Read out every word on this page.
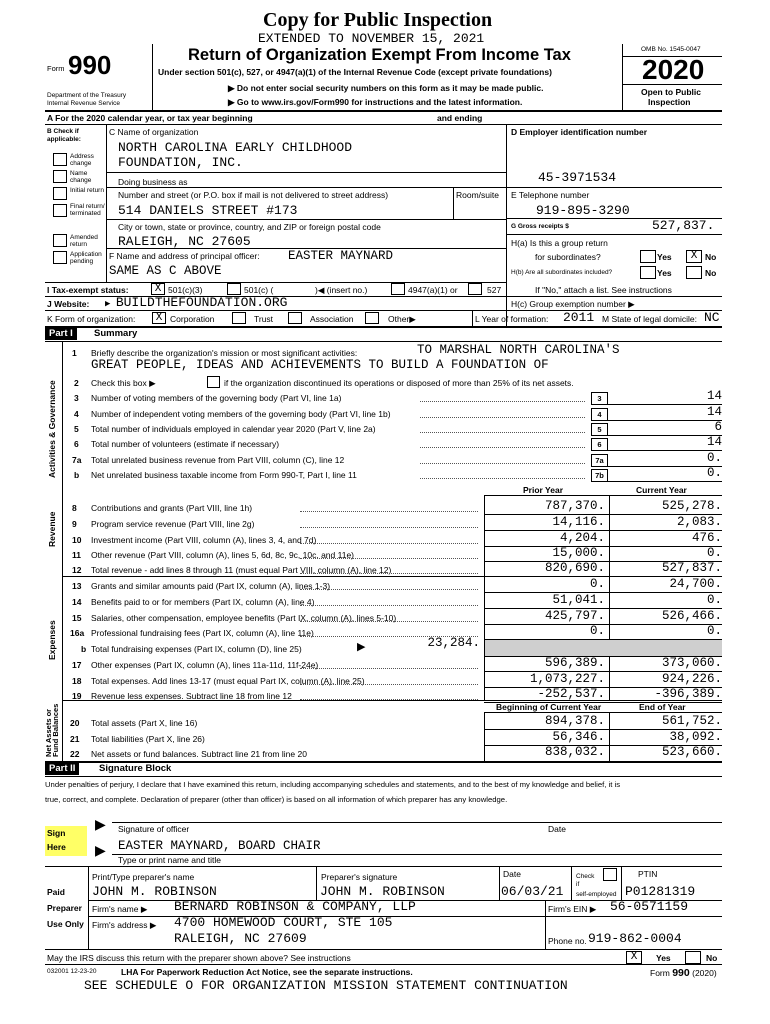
Copy for Public Inspection
EXTENDED TO NOVEMBER 15, 2021
Form 990
Department of the Treasury
Internal Revenue Service
Return of Organization Exempt From Income Tax
Under section 501(c), 527, or 4947(a)(1) of the Internal Revenue Code (except private foundations)
▶ Do not enter social security numbers on this form as it may be made public.
▶ Go to www.irs.gov/Form990 for instructions and the latest information.
OMB No. 1545-0047
2020
Open to Public
Inspection
A For the 2020 calendar year, or tax year beginning	and ending
B Check if applicable:
Address change
Name change
Initial return
Final return/ terminated
Amended return
Application pending
C Name of organization
NORTH CAROLINA EARLY CHILDHOOD
FOUNDATION, INC.
Doing business as
Number and street (or P.O. box if mail is not delivered to street address)	Room/suite
514 DANIELS STREET #173
City or town, state or province, country, and ZIP or foreign postal code
RALEIGH, NC 27605
F Name and address of principal officer: EASTER MAYNARD
SAME AS C ABOVE
D Employer identification number
45-3971534
E Telephone number
919-895-3290
G Gross receipts $	527,837.
H(a) Is this a group return
for subordinates?	Yes	X No
H(b) Are all subordinates included?	Yes	No
If "No," attach a list. See instructions
I Tax-exempt status:	X 501(c)(3)	501(c) (	)◀ (insert no.)	4947(a)(1) or	527
J Website: ▶ BUILDTHEFOUNDATION.ORG	H(c) Group exemption number ▶
K Form of organization:	X Corporation	Trust	Association	Other▶	L Year of formation: 2011 M State of legal domicile: NC
Part I	Summary
Activities & Governance
Revenue
Expenses
Net Assets or Fund Balances
1 Briefly describe the organization's mission or most significant activities:	TO MARSHAL NORTH CAROLINA'S
GREAT PEOPLE, IDEAS AND ACHIEVEMENTS TO BUILD A FOUNDATION OF
2 Check this box ▶	if the organization discontinued its operations or disposed of more than 25% of its net assets.
3 Number of voting members of the governing body (Part VI, line 1a)	3	14
4 Number of independent voting members of the governing body (Part VI, line 1b)	4	14
5 Total number of individuals employed in calendar year 2020 (Part V, line 2a)	5	6
6 Total number of volunteers (estimate if necessary)	6	14
7a Total unrelated business revenue from Part VIII, column (C), line 12	7a	0.
b Net unrelated business taxable income from Form 990-T, Part I, line 11	7b	0.
Prior Year	Current Year
8 Contributions and grants (Part VIII, line 1h)	787,370.	525,278.
9 Program service revenue (Part VIII, line 2g)	14,116.	2,083.
10 Investment income (Part VIII, column (A), lines 3, 4, and 7d)	4,204.	476.
11 Other revenue (Part VIII, column (A), lines 5, 6d, 8c, 9c, 10c, and 11e)	15,000.	0.
12 Total revenue - add lines 8 through 11 (must equal Part VIII, column (A), line 12)	820,690.	527,837.
13 Grants and similar amounts paid (Part IX, column (A), lines 1-3)	0.	24,700.
14 Benefits paid to or for members (Part IX, column (A), line 4)	51,041.	0.
15 Salaries, other compensation, employee benefits (Part IX, column (A), lines 5-10)	425,797.	526,466.
16a Professional fundraising fees (Part IX, column (A), line 11e)	0.	0.
b Total fundraising expenses (Part IX, column (D), line 25)	▶	23,284.
17 Other expenses (Part IX, column (A), lines 11a-11d, 11f-24e)	596,389.	373,060.
18 Total expenses. Add lines 13-17 (must equal Part IX, column (A), line 25)	1,073,227.	924,226.
19 Revenue less expenses. Subtract line 18 from line 12	-252,537.	-396,389.
Beginning of Current Year	End of Year
20 Total assets (Part X, line 16)	894,378.	561,752.
21 Total liabilities (Part X, line 26)	56,346.	38,092.
22 Net assets or fund balances. Subtract line 21 from line 20	838,032.	523,660.
Part II	Signature Block
Under penalties of perjury, I declare that I have examined this return, including accompanying schedules and statements, and to the best of my knowledge and belief, it is
true, correct, and complete. Declaration of preparer (other than officer) is based on all information of which preparer has any knowledge.
Sign
Here
▶
▶
Signature of officer	Date
EASTER MAYNARD, BOARD CHAIR
Type or print name and title
Print/Type preparer's name	Preparer's signature	Date	Check
if
self-employed
PTIN
JOHN M. ROBINSON	JOHN M. ROBINSON	06/03/21	P01281319
Paid
Preparer
Use Only
Firm's name ▶ BERNARD ROBINSON & COMPANY, LLP	Firm's EIN ▶ 56-0571159
Firm's address ▶ 4700 HOMEWOOD COURT, STE 105
RALEIGH, NC 27609	Phone no. 919-862-0004
May the IRS discuss this return with the preparer shown above? See instructions	X	Yes	No
032001 12-23-20	LHA For Paperwork Reduction Act Notice, see the separate instructions.	Form 990 (2020)
SEE SCHEDULE O FOR ORGANIZATION MISSION STATEMENT CONTINUATION
